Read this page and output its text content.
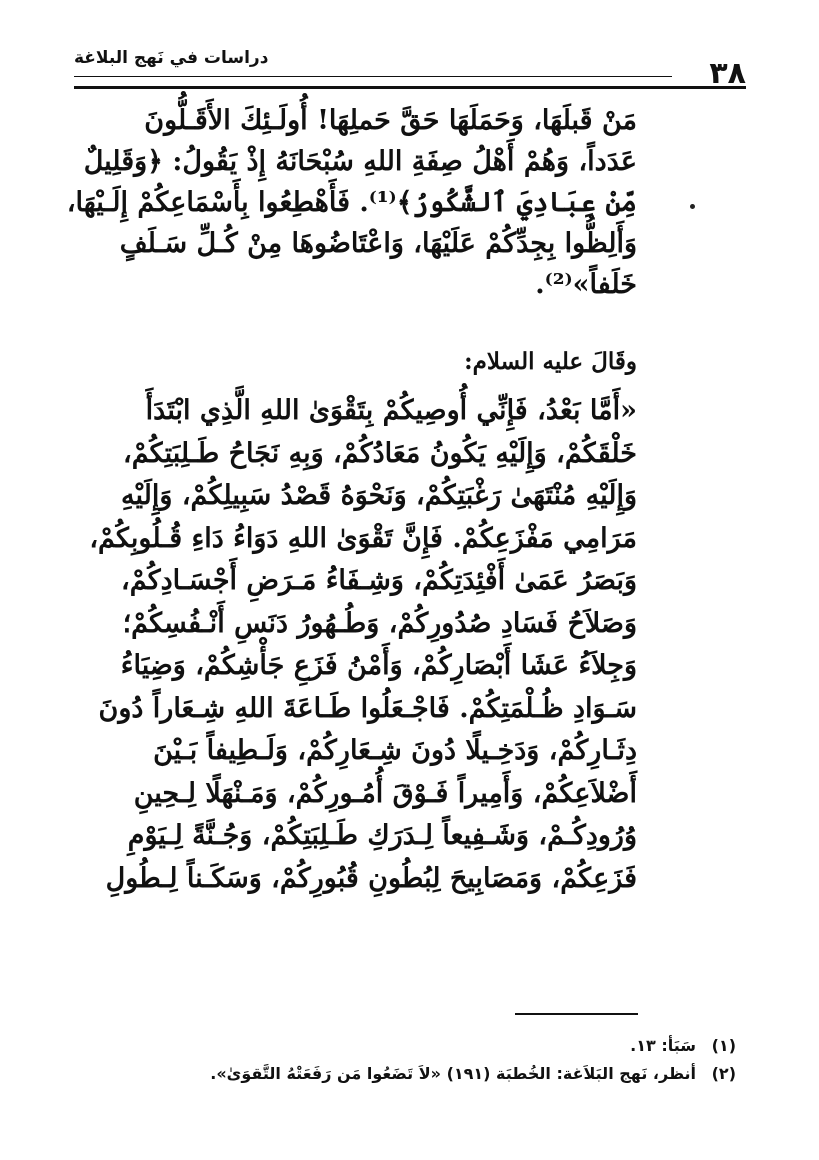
٣٨
دراسات في نَهج البلاغة
مَنْ قَبلَهَا، وَحَمَلَهَا حَقَّ حَملِهَا! أُولَـئِكَ الأَقَـلُّونَ
عَدَداً، وَهُمْ أَهْلُ صِفَةِ اللهِ سُبْحَانَهُ إِذْ يَقُولُ: ﴿وَقَلِيلٌ
مِّنْ عِبَادِيَ ٱلشَّكُورُ﴾⁽¹⁾. فَأَهْطِعُوا بِأَسْمَاعِكُمْ إِلَـيْهَا،
وَأَلِظُّوا بِجِدِّكُمْ عَلَيْهَا، وَاعْتَاضُوهَا مِنْ كُـلِّ سَـلَفٍ
خَلَفاً»⁽²⁾.
وقَالَ عليه السلام:
«أَمَّا بَعْدُ، فَإِنِّي أُوصِيكُمْ بِتَقْوَىٰ اللهِ الَّذِي ابْتَدَأَ
خَلْقَكُمْ، وَإِلَيْهِ يَكُونُ مَعَادُكُمْ، وَبِهِ نَجَاحُ طَـلِبَتِكُمْ،
وَإِلَيْهِ مُنْتَهَىٰ رَغْبَتِكُمْ، وَنَحْوَهُ قَصْدُ سَبِيلِكُمْ، وَإِلَيْهِ
مَرَامِي مَفْزَعِكُمْ. فَإِنَّ تَقْوَىٰ اللهِ دَوَاءُ دَاءِ قُـلُوبِكُمْ،
وَبَصَرُ عَمَىٰ أَفْئِدَتِكُمْ، وَشِـفَاءُ مَـرَضِ أَجْسَـادِكُمْ،
وَصَلاَحُ فَسَادِ صُدُورِكُمْ، وَطُـهُورُ دَنَسِ أَنْـفُسِكُمْ؛
وَجِلاَءُ عَشَا أَبْصَارِكُمْ، وَأَمْنُ فَزَعِ جَأْشِكُمْ، وَضِيَاءُ
سَـوَادِ ظُـلْمَتِكُمْ. فَاجْـعَلُوا طَـاعَةَ اللهِ شِـعَاراً دُونَ
دِثَـارِكُمْ، وَدَخِـيلًا دُونَ شِـعَارِكُمْ، وَلَـطِيفاً بَـيْنَ
أَضْلاَعِكُمْ، وَأَمِيراً فَـوْقَ أُمُـورِكُمْ، وَمَـنْهَلًا لِـحِينِ
وُرُودِكُـمْ، وَشَـفِيعاً لِـدَرَكِ طَـلِبَتِكُمْ، وَجُـنَّةً لِـيَوْمِ
فَزَعِكُمْ، وَمَصَابِيحَ لِبُطُونِ قُبُورِكُمْ، وَسَكَـناً لِـطُولِ
(١) سَبَأ: ١٣.
(٢) أنظر، نَهج البَلاَغة: الخُطبَة (١٩١) «لاَ تَضَعُوا مَن رَفَعَتْهُ التَّقوَىٰ».
